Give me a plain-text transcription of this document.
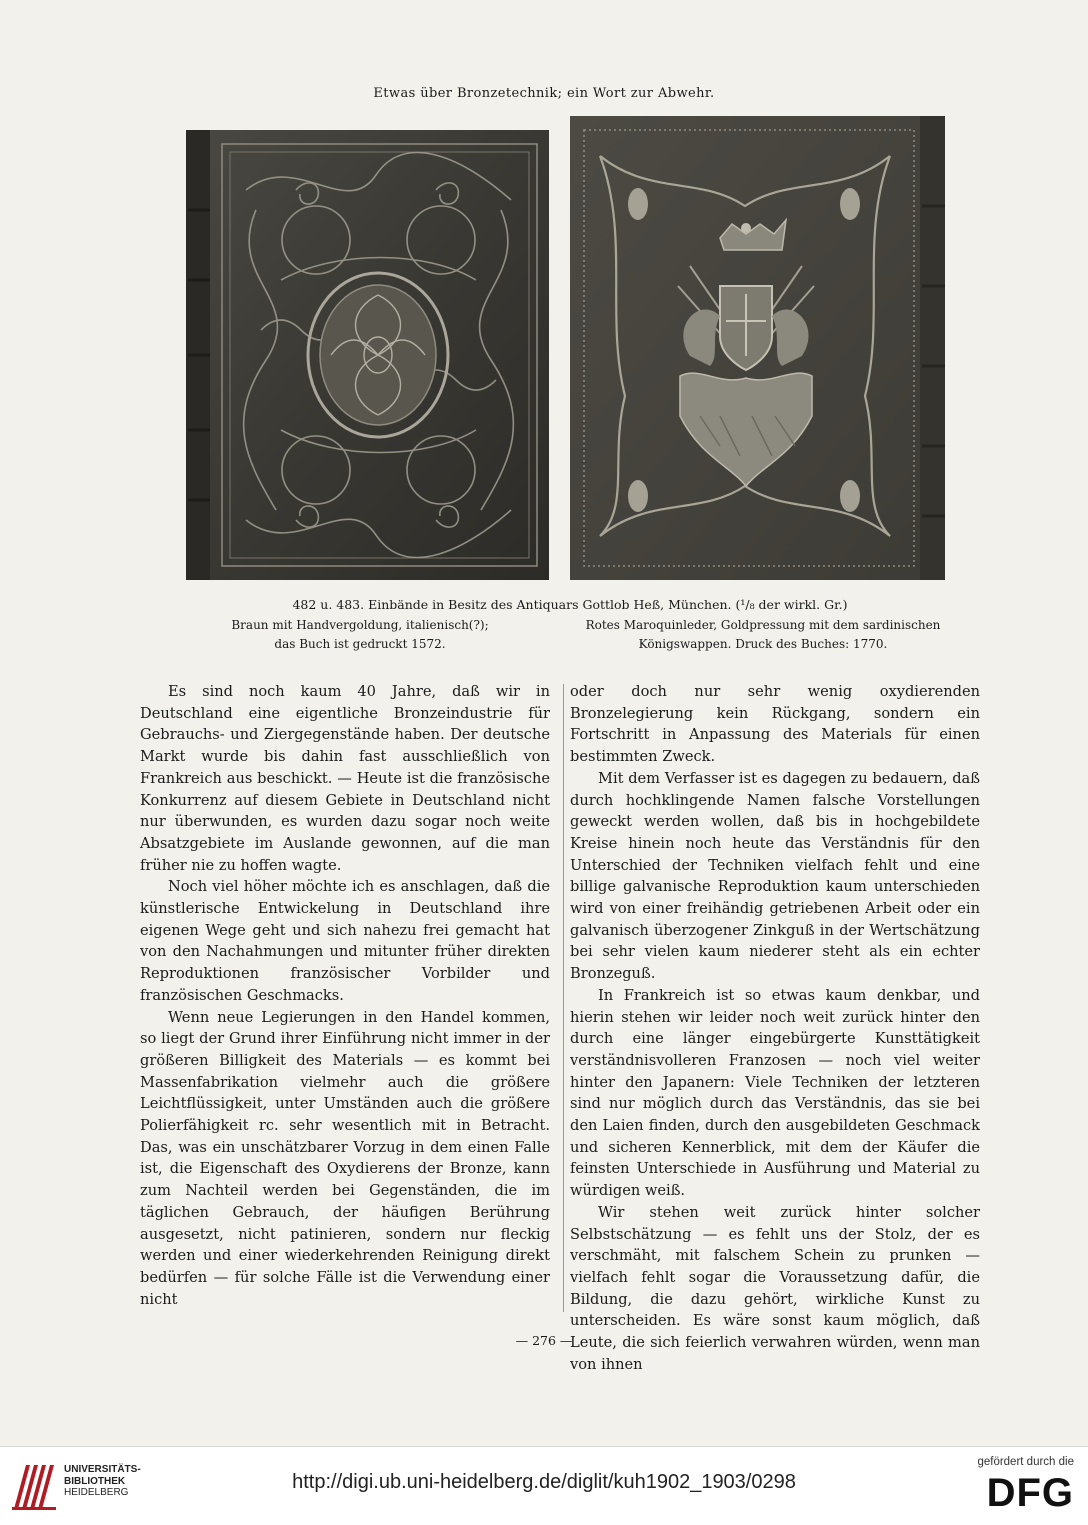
Etwas über Bronzetechnik; ein Wort zur Abwehr.
482 u. 483. Einbände in Besitz des Antiquars Gottlob Heß, München. (¹/₈ der wirkl. Gr.)
Braun mit Handvergoldung, italienisch(?);
das Buch ist gedruckt 1572.
Rotes Maroquinleder, Goldpressung mit dem sardinischen
Königswappen. Druck des Buches: 1770.

Es sind noch kaum 40 Jahre, daß wir in Deutschland eine eigentliche Bronzeindustrie für Gebrauchs- und Ziergegenstände haben. Der deutsche Markt wurde bis dahin fast ausschließlich von Frankreich aus beschickt. — Heute ist die französische Konkurrenz auf diesem Gebiete in Deutschland nicht nur überwunden, es wurden dazu sogar noch weite Absatzgebiete im Auslande gewonnen, auf die man früher nie zu hoffen wagte.

Noch viel höher möchte ich es anschlagen, daß die künstlerische Entwickelung in Deutschland ihre eigenen Wege geht und sich nahezu frei gemacht hat von den Nachahmungen und mitunter früher direkten Reproduktionen französischer Vorbilder und französischen Geschmacks.

Wenn neue Legierungen in den Handel kommen, so liegt der Grund ihrer Einführung nicht immer in der größeren Billigkeit des Materials — es kommt bei Massenfabrikation vielmehr auch die größere Leichtflüssigkeit, unter Umständen auch die größere Polierfähigkeit rc. sehr wesentlich mit in Betracht. Das, was ein unschätzbarer Vorzug in dem einen Falle ist, die Eigenschaft des Oxydierens der Bronze, kann zum Nachteil werden bei Gegenständen, die im täglichen Gebrauch, der häufigen Berührung ausgesetzt, nicht patinieren, sondern nur fleckig werden und einer wiederkehrenden Reinigung direkt bedürfen — für solche Fälle ist die Verwendung einer nicht

oder doch nur sehr wenig oxydierenden Bronzelegierung kein Rückgang, sondern ein Fortschritt in Anpassung des Materials für einen bestimmten Zweck.

Mit dem Verfasser ist es dagegen zu bedauern, daß durch hochklingende Namen falsche Vorstellungen geweckt werden wollen, daß bis in hochgebildete Kreise hinein noch heute das Verständnis für den Unterschied der Techniken vielfach fehlt und eine billige galvanische Reproduktion kaum unterschieden wird von einer freihändig getriebenen Arbeit oder ein galvanisch überzogener Zinkguß in der Wertschätzung bei sehr vielen kaum niederer steht als ein echter Bronzeguß.

In Frankreich ist so etwas kaum denkbar, und hierin stehen wir leider noch weit zurück hinter den durch eine länger eingebürgerte Kunsttätigkeit verständnisvolleren Franzosen — noch viel weiter hinter den Japanern: Viele Techniken der letzteren sind nur möglich durch das Verständnis, das sie bei den Laien finden, durch den ausgebildeten Geschmack und sicheren Kennerblick, mit dem der Käufer die feinsten Unterschiede in Ausführung und Material zu würdigen weiß.

Wir stehen weit zurück hinter solcher Selbstschätzung — es fehlt uns der Stolz, der es verschmäht, mit falschem Schein zu prunken — vielfach fehlt sogar die Voraussetzung dafür, die Bildung, die dazu gehört, wirkliche Kunst zu unterscheiden. Es wäre sonst kaum möglich, daß Leute, die sich feierlich verwahren würden, wenn man von ihnen

— 276 —
UNIVERSITÄTS-
BIBLIOTHEK
HEIDELBERG	http://digi.ub.uni-heidelberg.de/diglit/kuh1902_1903/0298
gefördert durch die
DFG
